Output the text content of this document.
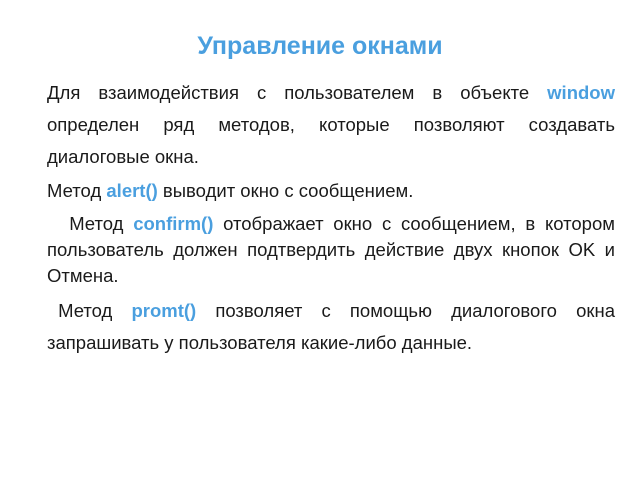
Управление окнами

Для взаимодействия с пользователем в объекте window определен ряд методов, которые позволяют создавать диалоговые окна.

Метод alert() выводит окно с сообщением.

Метод confirm() отображает окно с сообщением, в котором пользователь должен подтвердить действие двух кнопок OK и Отмена.

Метод promt() позволяет с помощью диалогового окна запрашивать у пользователя какие-либо данные.
